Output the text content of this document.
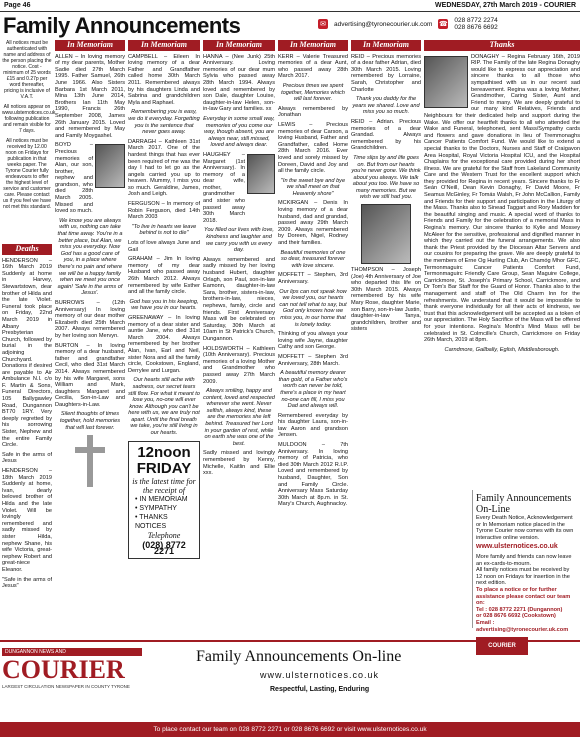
Page 46	WEDNESDAY, 27th March 2019 - COURIER
Family Announcements	✉	advertising@tyronecourier.uk.com ☎
028 8772 2274
028 8676 6692

All notices must be authenticated with name and address of the person placing the notice. Cost - minimum of 25 words £15 and 0.27p per word thereafter, pricing is inclusive of V.A.T.

All notices appear on www.ulsternotices.co.uk following publication and remain visible for 7 days.

All notices must be received by 12.00 noon on Fridays for publication in that weeks paper. The Tyrone Courier fully endeavours to offer the highest level of service and customer care. Please contact us if you feel we have not met this standard.

Deaths

HENDERSON – 16th March 2019 Suddenly at home in Harvey, Stewartstown, dear brother of Hilda and the late Violet. Funeral took place on Friday, 22nd March 2019 in Albany Presbyterian Church, followed by burial in the adjoining Churchyard. Donations if desired are payable to Air Ambulance N.I. c/o F. Martin & Sons, Funeral Directors, 105 Ballygawley Road, Dungannon BT70 1RY. Very deeply regretted by his sorrowing Sister, Nephew and the entire Family Circle.

Safe in the arms of Jesus

HENDERSON – 18th March 2019 Suddenly at home, Ivan, dearly beloved brother of Hilda and the late Violet. Will be lovingly remembered and sadly missed by sister Hilda, nephew Shane, his wife Victoria, great-nephew Robert and great-niece Eleanor.

"Safe in the arms of Jesus"

In Memoriam

ALLEN – In loving memory of my dear parents, Mother Sadie died 27th March 1995. Father Samuel, 26th June 1966. Also Sisters Barbara 1st March 2011, Mina 13th June 2014, Brothers Ian 11th May 1990, Francis 26th September 2008, James 26th January 2015. Loved and remembered by May and Family Moygashel.

BOYD – Precious memories of Alan, our son, brother, nephew and grandson, who died 28th March 2005. Missed and loved so much.

We know you are always with us, nothing can take that time away. You're in a better place, but Alan, we miss you everyday. Now God has a good care of you, in a place where there's no pain and where we will be a happy family when we meet you once again! 'Safe in the arms of Jesus'.

BURROWS – (12th Anniversary) In loving memory of our dear mother Elizabeth died 25th March 2007. Always remembered by her loving son Mervyn.

BURTON – In loving memory of a dear husband, father and grandfather Cecil, who died 31st March 2014. Always remembered by his wife Margaret, sons William and Mark, daughters Margaret and Cecilia, Son-in-Law and Daughters-in-Law.

Silent thoughts of times together, hold memories that will last forever.

In Memoriam

CAMPBELL – Eileen In loving memory of a dear Father and Grandfather called home 30th March 2011. Remembered always by his daughters Linda and Sabrina and grandchildren Myla and Raphael.

Remembering you is easy, we do it everyday. Forgetting you is the sentence that never goes away.

DARRAGH – Kathleen 31st March 2017. One of the hardest things that has ever been required of me was the day I had to let go as the angels carried you up to heaven. Mummy, I miss you so much. Geraldine, James, Josh and Leigh.

FERGUSON – In memory of Robin Ferguson, died 14th March 2003

"To live in hearts we leave behind is not to die"

Lots of love always June and Gail

GRAHAM – Jim In loving memory of my dear Husband who passed away 26th March 2012. Always remembered by wife Esther and all the family circle.

God has you in his keeping, we have you in our hearts.

GREENAWAY – In loving memory of a dear sister and auntie Jane, who died 31st March 2004. Always remembered by her brother Alan, Ivan, Earl and Neil, sister Nora and all the family circle, Cookstown, England, Derrylee and Lurgan.

Our hearts still ache with sadness, our secret tears still flow. For what it meant to lose you, no-one will ever know. Although you can't be here with us, we are truly not apart. Until the final breath we take, you're still living in our hearts.

12noon
FRIDAY
is the latest time for the receipt of
• IN MEMORIAM
• SYMPATHY
• THANKS
NOTICES
Telephone
(028) 8772 2271
In Memoriam

HANNA – (Nee Junk) 25th Anniversary. Loving memories of our dear mum Sylvia who passed away 28th March 1994. Always loved and remembered by son Dale, daughter Louise, daughter-in-law Helen, son-in-law Gary and families. xx

Everyday in some small way, memories of you come our way, though absent, you are always near, still missed, loved and always dear.

HAUGHEY – Margaret (1st Anniversary). In memory of a dear wife, mother, grandmother and sister who passed away 30th March 2018.

You filled our lives with love, kindness and laughter and we carry you with us every day.

Always remembered and sadly missed by her loving husband Hubert, daughter Orlagh, son Paul, son-in-law Eamonn, daughter-in-law Sara, brother, sisters-in-law, brothers-in-law, nieces, nephews, family, circle and friends. First Anniversary Mass will be celebrated on Saturday, 30th March at 10am in St Patrick's Church, Dungannon.

HOLDSWORTH – Kathleen (10th Anniversary). Precious memories of a loving Mother and Grandmother who passed away 27th March 2009.

Always smiling, happy and content, loved and respected wherever she went. Never selfish, always kind, these are the memories she left behind. Treasured her Lord in your garden of rest, while on earth she was one of the best.

Sadly missed and lovingly remembered by Kenny, Michelle, Kaitlin and Ellie xxx.

In Memoriam

KERR – Valerie Treasured memories of a dear Aunt, who passed away 28th March 2017.

Precious times we spent together, Memories which will last forever.

Always remembered by Jonathan

LEWIS – Precious memories of dear Carson, a loving Husband, Father and Grandfather, called Home 28th March 2016. Ever loved and sorely missed by Doreen, David and Joy and all the family circle.

"In the sweet bye and bye we shall meet on that Heavenly shore"

MCKIRGAN – Denis In loving memory of a dear husband, dad and grandad, passed away 29th March 2009. Always remembered by Doreen, Nigel, Rodney and their families.

Beautiful memories of one so dear, treasured forever with love sincere.

MOFFETT – Stephen, 3rd Anniversary.

Our lips can not speak how we loved you, our hearts can not tell what to say, but God only knows how we miss you, in our home that is lonely today.

Thinking of you always your loving wife Jayne, daughter Cathy and son George.

MOFFETT – Stephen 3rd Anniversary, 28th March.

A beautiful memory dearer than gold, of a Father who's worth can never be told, there's a place in my heart no-one can fill, I miss you Dad and always will.

Remembered everyday by his daughter Laura, son-in-law Aaron and grandson Jensen.

MULDOON – 7th Anniversary. In loving memory of Patricia, who died 30th March 2012 R.I.P. Loved and remembered by husband, Daughter, Son and Family Circle. Anniversary Mass Saturday 30th March at 8p.m. in St. Mary's Church, Aughnacloy.

In Memoriam

REID – Precious memories of a dear father Adrian, died 30th March 2015. Loving remembered by Lorraine, Sarah, Christopher and Charlotte

Thank you daddy for the years we shared. Love and miss you so much.

REID – Adrian. Precious memories of a dear Grandad. Always remembered by his Grandchildren.

Time slips by and life goes on. But from our hearts you're never gone. We think about you always. We talk about you too. We have so many memories. But we wish we still had you.

THOMPSON – Joseph (Joe) 4th Anniversary of Joe who departed this life on 30th March 2015. Always remembered by his wife Mary Rose, daughter Marie, son Barry, son-in-law Justin, daughter-in-law Tanya, grandchildren, brother and sisters

Thanks

DONAGHY – Regina February 16th, 2019 RIP. The Family of the late Regina Donaghy would like to express our appreciation and sincere thanks to all those who sympathised with us in our recent sad bereavement. Regina was a loving Mother, Grandmother, Caring Sister, Aunt and Friend to many. We are deeply grateful to our many kind Relatives, Friends and Neighbours for their dedicated help and support during the Wake. We offer our heartfelt thanks to all who attended the Wake and Funeral, telephoned, sent Mass/Sympathy cards and flowers and gave donations in lieu of Tremmonaghs Cancer Patients Comfort Fund. We would like to extend a special thanks to the Doctors, Nurses and Staff of Craigavon Area Hospital, Royal Victoria Hospital ICU, and the Hospital Chaplains for the exceptional care provided during her short illness. We are grateful for the Staff from Lakeland Community Care and the Western Trust for the excellent support which they provided for Regina in recent years. Sincere thanks to Fr Seán O'Neill, Dean Kevin Donaghy, Fr David Moore, Fr Seamus McGinley, Fr Tomás Walsh, Fr John McCallion, Family and Friends for their support and participation in the Liturgy of the Mass. Thanks also to Sinead Taggart and Rory Madden for the beautiful singing and music. A special word of thanks to Friends and Family for the celebration of a memorial Mass in Regina's memory. Our sincere thanks to Kylie and Mossey McAleer for the sensitive, professional and dignified manner in which they carried out the funeral arrangements. We also thank the Priest provided by the Diocesan Altar Servers and our cousins for preparing the grave. We are deeply grateful to the members of Erne Og Hurling Club, An Chamóg Mhor GFC, Termonmaguirc Cancer Patients Comfort Fund, Termonmaguirc Friendly Care Group, Sean Maguire College, Carrickmore, St. Joseph's Primary School, Carrickmore, and Dr Tom's Bar Staff for the Guard of Honor. Thanks also to the management and staff of The Old Charm Inn for the refreshments. We understand that it would be impossible to thank everyone individually for all their acts of kindness, we trust that this acknowledgement will be accepted as a token of our appreciation. The Holy Sacrifice of the Mass will be offered for your intentions. Regina's Month's Mind Mass will be celebrated in St. Colmcille's Church, Carrickmore on Friday 26th March, 2019 at 8pm.

Carndmore, Gallbally, Eglish, Middlesborough.

Family Announcements On-Line

Every Death Notice, Acknowledgement or In Memoriam notice placed in the Tyrone Courier now comes with its own interactive online version.

www.ulsternotices.co.uk

More family and friends can now leave an ex-cards-to-mourn.

All family notices must be received by 12 noon on Fridays for insertion in the next edition.

To place a notice or for further assistance please contact our team on:

Tel : 028 8772 2271 (Dungannon)

or 028 8676 6692 (Cookstown)

Email : advertising@tyronecourier.uk.com

COURIER
DUNGANNON NEWS AND
COURIER
LARGEST CIRCULATION NEWSPAPER IN COUNTY TYRONE
Family Announcements On-line
www.ulsternotices.co.uk
Respectful, Lasting, Enduring
To place contact our team on 028 8772 2271 or 028 8676 6692 or visit www.ulsternotices.co.uk
